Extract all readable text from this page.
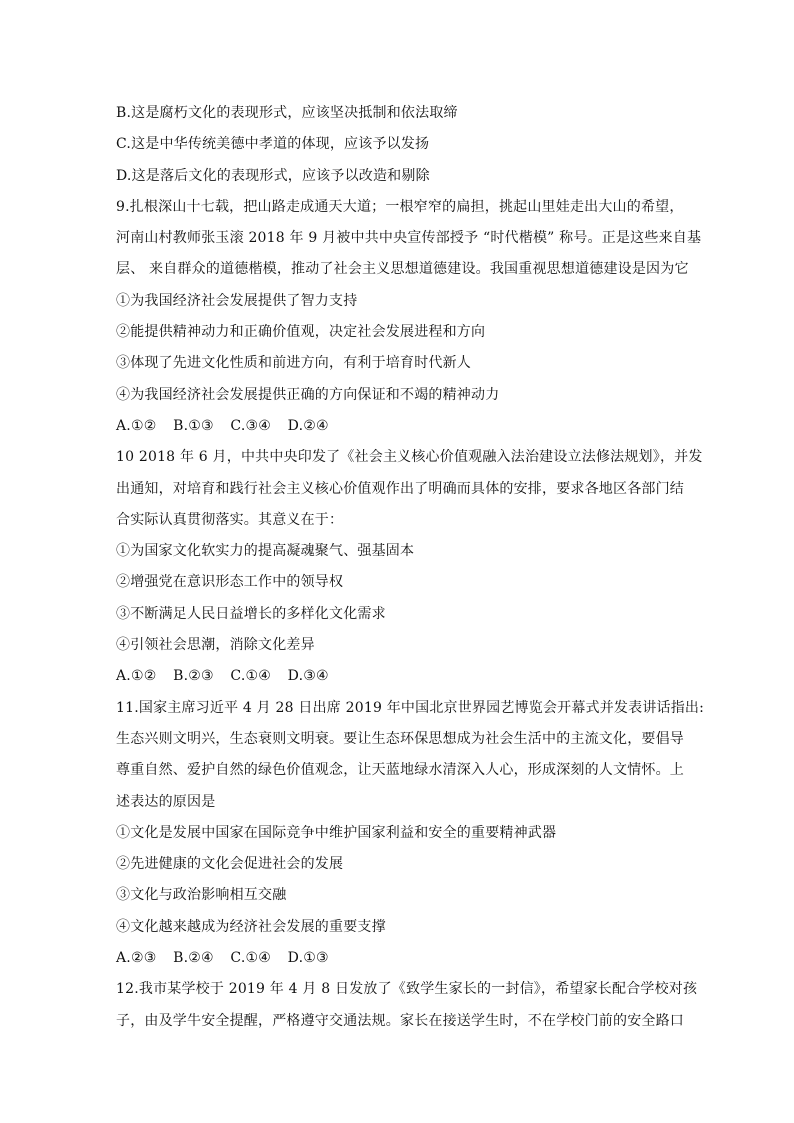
B.这是腐朽文化的表现形式，应该坚决抵制和依法取缔
C.这是中华传统美德中孝道的体现，应该予以发扬
D.这是落后文化的表现形式，应该予以改造和剔除
9.扎根深山十七载，把山路走成通天大道；一根窄窄的扁担，挑起山里娃走出大山的希望，
河南山村教师张玉滚 2018 年 9 月被中共中央宣传部授予 “时代楷模” 称号。正是这些来自基
层、 来自群众的道德楷模，推动了社会主义思想道德建设。我国重视思想道德建设是因为它
①为我国经济社会发展提供了智力支持
②能提供精神动力和正确价值观，决定社会发展进程和方向
③体现了先进文化性质和前进方向，有利于培育时代新人
④为我国经济社会发展提供正确的方向保证和不竭的精神动力
A.①② B.①③ C.③④ D.②④
10 2018 年 6 月，中共中央印发了《社会主义核心价值观融入法治建设立法修法规划》，并发
出通知，对培育和践行社会主义核心价值观作出了明确而具体的安排，要求各地区各部门结
合实际认真贯彻落实。其意义在于：
①为国家文化软实力的提高凝魂聚气、强基固本
②增强党在意识形态工作中的领导权
③不断满足人民日益增长的多样化文化需求
④引领社会思潮，消除文化差异
A.①② B.②③ C.①④ D.③④
11.国家主席习近平 4 月 28 日出席 2019 年中国北京世界园艺博览会开幕式并发表讲话指出:
生态兴则文明兴，生态衰则文明衰。要让生态环保思想成为社会生活中的主流文化，要倡导
尊重自然、爱护自然的绿色价值观念，让天蓝地绿水清深入人心，形成深刻的人文情怀。上
述表达的原因是
①文化是发展中国家在国际竞争中维护国家利益和安全的重要精神武器
②先进健康的文化会促进社会的发展
③文化与政治影响相互交融
④文化越来越成为经济社会发展的重要支撑
A.②③ B.②④ C.①④ D.①③
12.我市某学校于 2019 年 4 月 8 日发放了《致学生家长的一封信》，希望家长配合学校对孩
子，由及学牛安全提醒，严格遵守交通法规。家长在接送学生时，不在学校门前的安全路口
